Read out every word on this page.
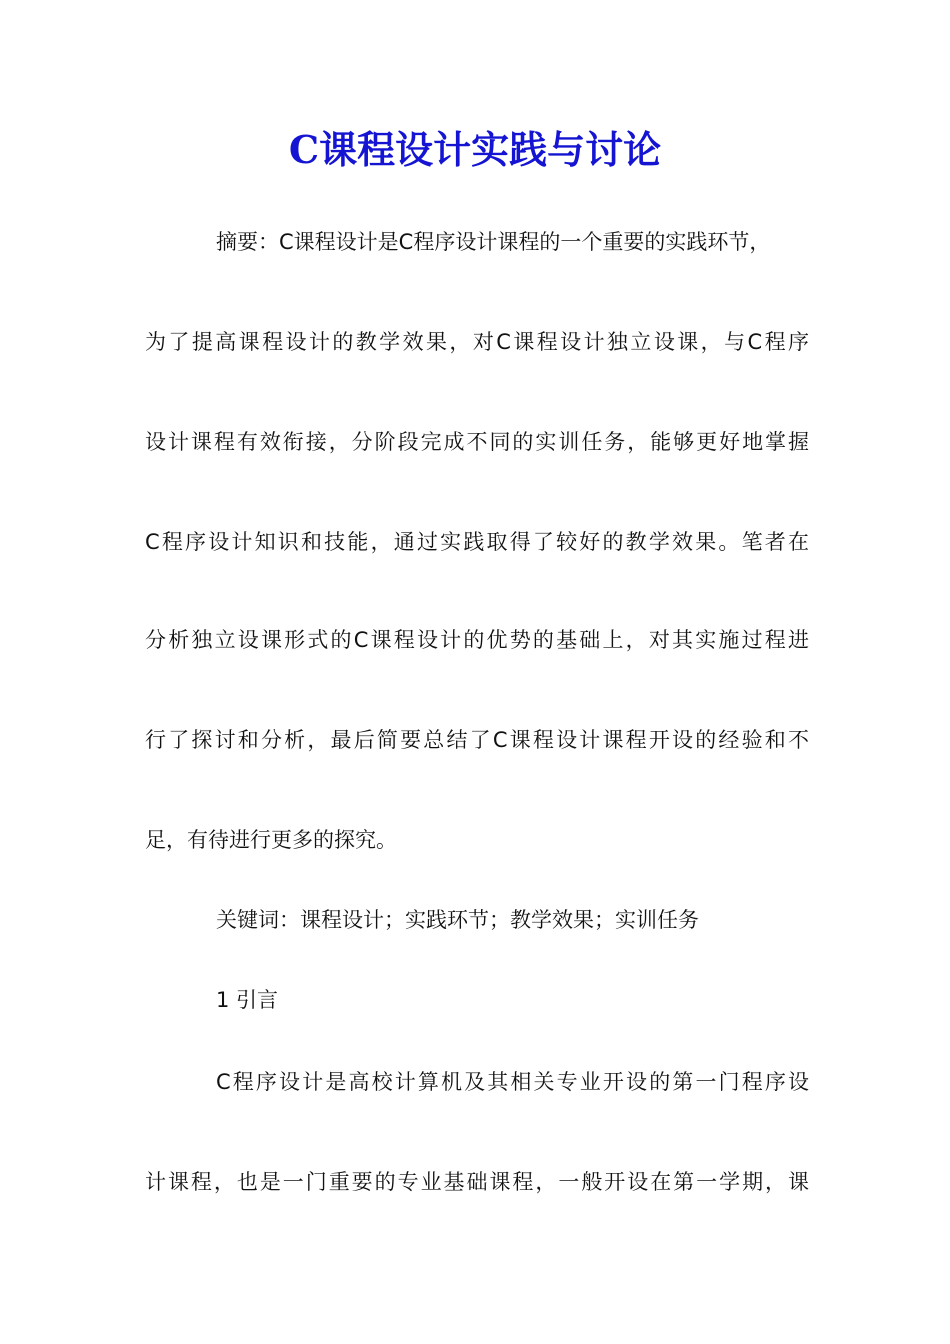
C课程设计实践与讨论
摘要：C课程设计是C程序设计课程的一个重要的实践环节，
为了提高课程设计的教学效果，对C课程设计独立设课，与C程序
设计课程有效衔接，分阶段完成不同的实训任务，能够更好地掌握
C程序设计知识和技能，通过实践取得了较好的教学效果。笔者在
分析独立设课形式的C课程设计的优势的基础上，对其实施过程进
行了探讨和分析，最后简要总结了C课程设计课程开设的经验和不
足，有待进行更多的探究。
关键词：课程设计；实践环节；教学效果；实训任务
1 引言
C程序设计是高校计算机及其相关专业开设的第一门程序设
计课程，也是一门重要的专业基础课程，一般开设在第一学期，课
